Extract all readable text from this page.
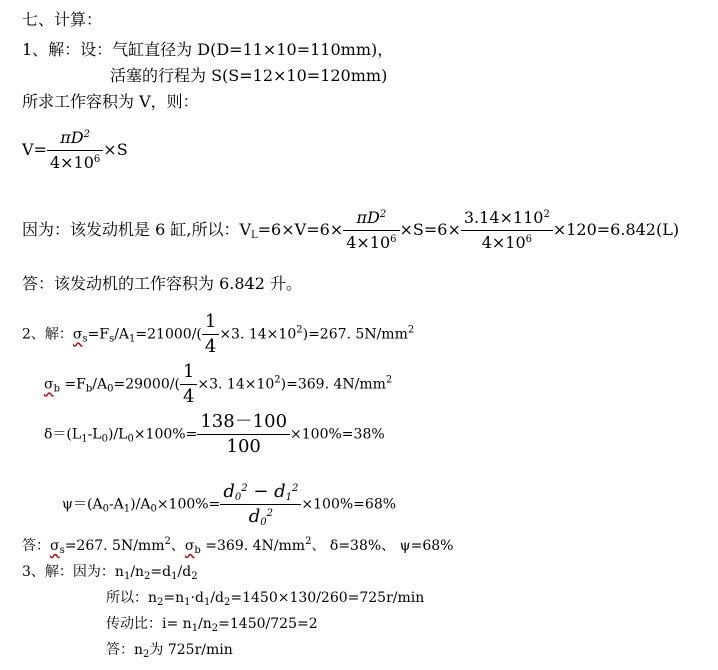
七、计算：
1、解：设：气缸直径为 D(D=11×10=110mm)，
活塞的行程为 S(S=12×10=120mm)
所求工作容积为 V，则：
$V= \frac{\pi D^2}{4\times 10^6} \times S$
因为：该发动机是 6 缸,所以：$V_L=6\times V=6\times \frac{\pi D^2}{4\times 10^6} \times S=6\times \frac{3.14\times 110^2}{4\times 10^6} \times 120=6.842(L)$
答：该发动机的工作容积为 6.842 升。
2、解：$\sigma_s=F_s/A_1=21000/( \frac{1}{4} \times 3$. $14\times 10^2)=267$. $5N/mm^2$
$\sigma_b =F_b/A_0=29000/( \frac{1}{4} \times 3$. $14\times 10^2)=369$. $4N/mm^2$
$\delta=(L_1-L_0)/L_0\times 100\%= \frac{138-100}{100} \times 100\%=38\%$
$\psi=(A_0-A_1)/A_0\times 100\%= \frac{d_0^2 - d_1^2}{d_0^2} \times 100\%=68\%$
答：$\sigma_s=267$. $5N/mm^2$、$\sigma_b =369$. $4N/mm^2$、 δ=38%、 ψ=68%
3、解：因为：$n_1/n_2=d_1/d_2$
所以：$n_2=n_1\cdot d_1/d_2=1450\times 130/260=725r/\min$
传动比：$i= n_1/n_2=1450/725=2$
答：$n_2$为 725r/min
